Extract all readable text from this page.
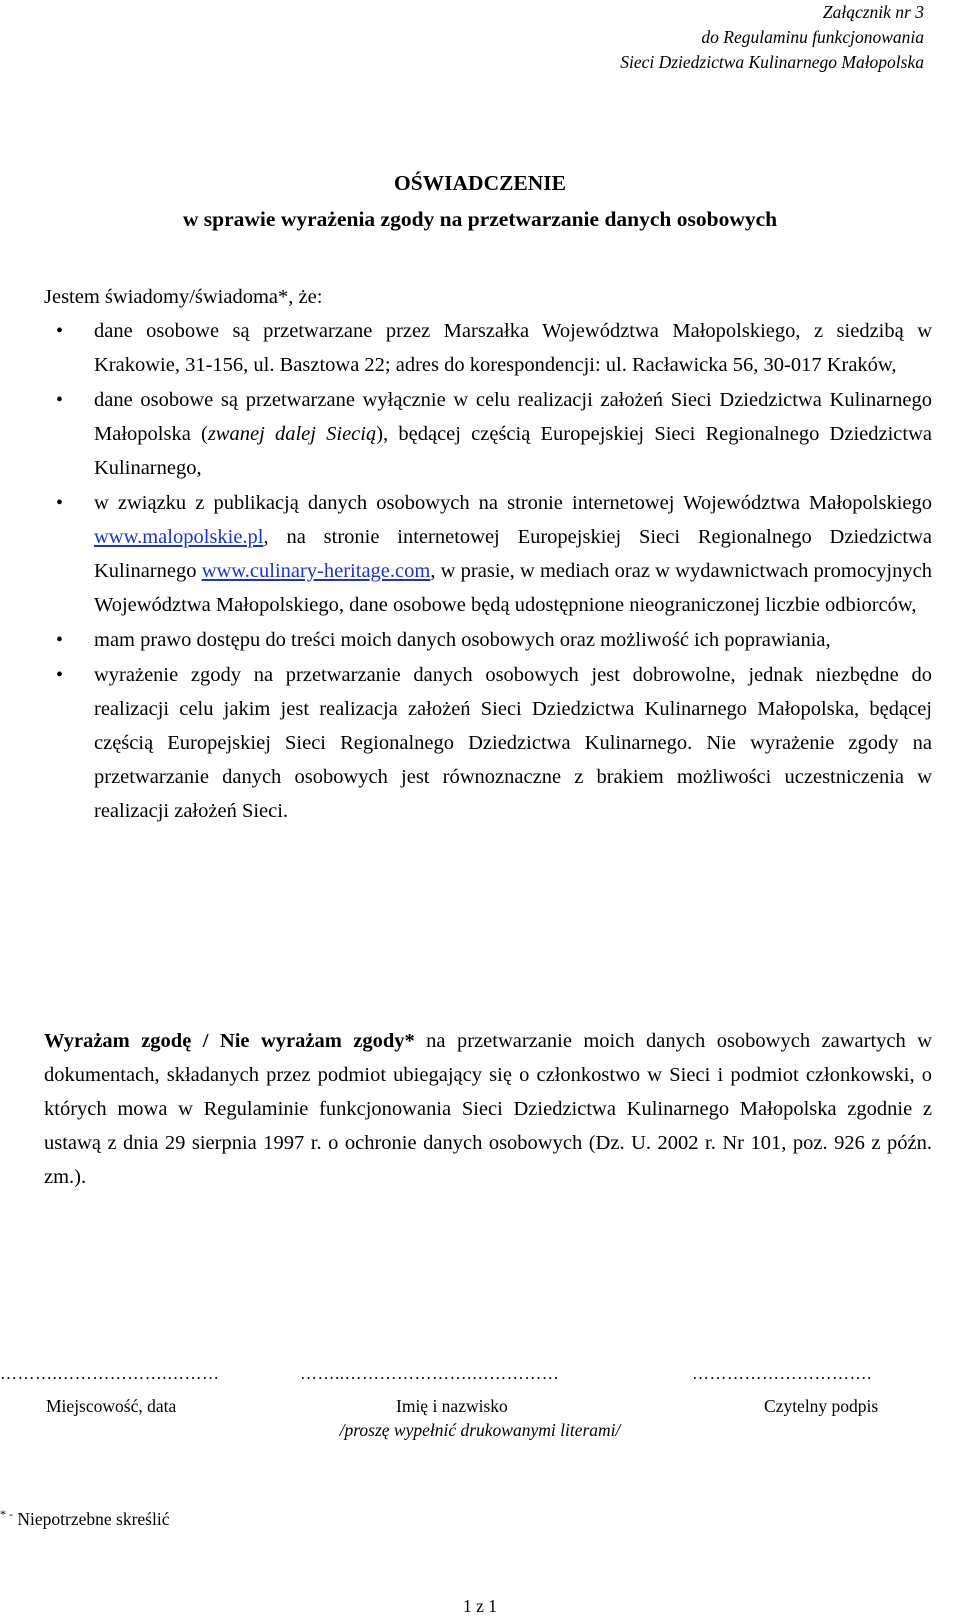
Załącznik nr 3
do Regulaminu funkcjonowania
Sieci Dziedzictwa Kulinarnego Małopolska
OŚWIADCZENIE
w sprawie wyrażenia zgody na przetwarzanie danych osobowych
Jestem świadomy/świadoma*, że:
• dane osobowe są przetwarzane przez Marszałka Województwa Małopolskiego, z siedzibą w Krakowie, 31-156, ul. Basztowa 22; adres do korespondencji: ul. Racławicka 56, 30-017 Kraków,
• dane osobowe są przetwarzane wyłącznie w celu realizacji założeń Sieci Dziedzictwa Kulinarnego Małopolska (zwanej dalej Siecią), będącej częścią Europejskiej Sieci Regionalnego Dziedzictwa Kulinarnego,
• w związku z publikacją danych osobowych na stronie internetowej Województwa Małopolskiego www.malopolskie.pl, na stronie internetowej Europejskiej Sieci Regionalnego Dziedzictwa Kulinarnego www.culinary-heritage.com, w prasie, w mediach oraz w wydawnictwach promocyjnych Województwa Małopolskiego, dane osobowe będą udostępnione nieograniczonej liczbie odbiorców,
• mam prawo dostępu do treści moich danych osobowych oraz możliwość ich poprawiania,
• wyrażenie zgody na przetwarzanie danych osobowych jest dobrowolne, jednak niezbędne do realizacji celu jakim jest realizacja założeń Sieci Dziedzictwa Kulinarnego Małopolska, będącej częścią Europejskiej Sieci Regionalnego Dziedzictwa Kulinarnego. Nie wyrażenie zgody na przetwarzanie danych osobowych jest równoznaczne z brakiem możliwości uczestniczenia w realizacji założeń Sieci.
Wyrażam zgodę / Nie wyrażam zgody* na przetwarzanie moich danych osobowych zawartych w dokumentach, składanych przez podmiot ubiegający się o członkostwo w Sieci i podmiot członkowski, o których mowa w Regulaminie funkcjonowania Sieci Dziedzictwa Kulinarnego Małopolska zgodnie z ustawą z dnia 29 sierpnia 1997 r. o ochronie danych osobowych (Dz. U. 2002 r. Nr 101, poz. 926 z późn. zm.).
……….……………….………	……..………………….……………	………………………….
Miejscowość, data	Imię i nazwisko	Czytelny podpis
/proszę wypełnić drukowanymi literami/
* - Niepotrzebne skreślić
1 z 1
